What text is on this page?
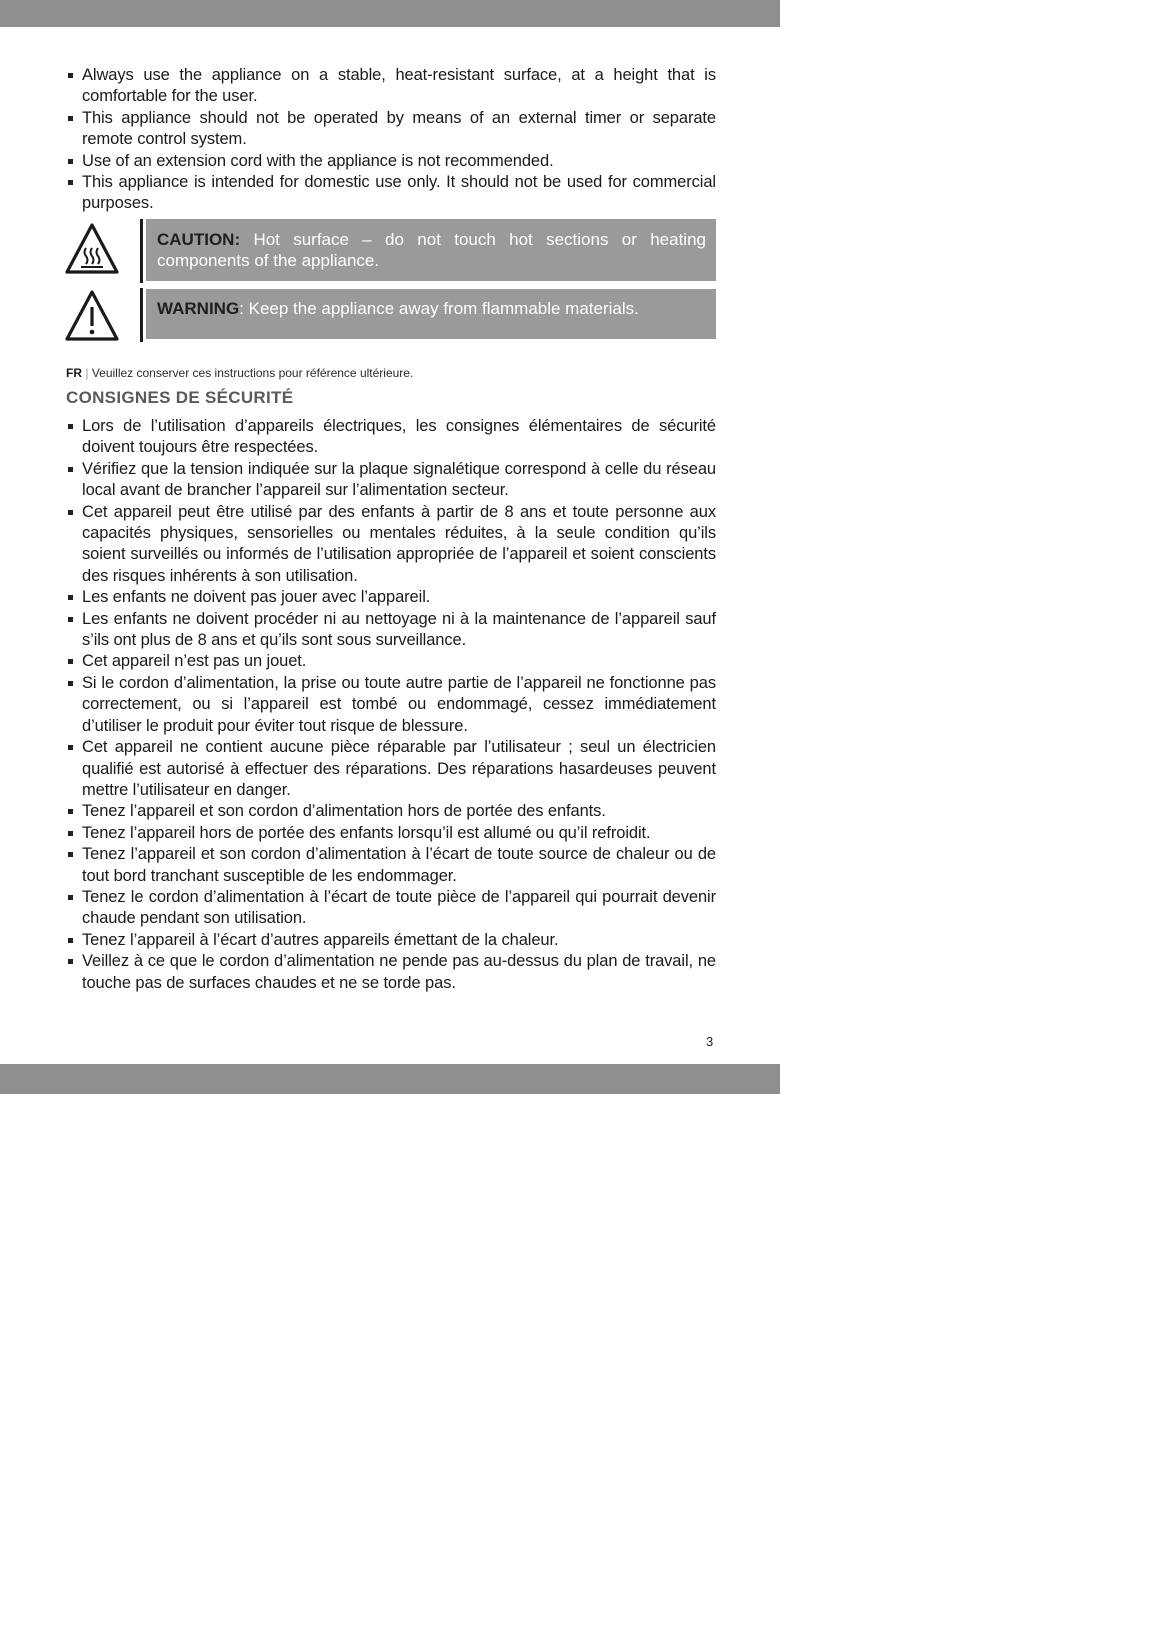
Always use the appliance on a stable, heat-resistant surface, at a height that is comfortable for the user.
This appliance should not be operated by means of an external timer or separate remote control system.
Use of an extension cord with the appliance is not recommended.
This appliance is intended for domestic use only. It should not be used for commercial purposes.
CAUTION: Hot surface – do not touch hot sections or heating components of the appliance.
WARNING: Keep the appliance away from flammable materials.
FR | Veuillez conserver ces instructions pour référence ultérieure.
CONSIGNES DE SÉCURITÉ
Lors de l’utilisation d’appareils électriques, les consignes élémentaires de sécurité doivent toujours être respectées.
Vérifiez que la tension indiquée sur la plaque signalétique correspond à celle du réseau local avant de brancher l’appareil sur l’alimentation secteur.
Cet appareil peut être utilisé par des enfants à partir de 8 ans et toute personne aux capacités physiques, sensorielles ou mentales réduites, à la seule condition qu’ils soient surveillés ou informés de l’utilisation appropriée de l’appareil et soient conscients des risques inhérents à son utilisation.
Les enfants ne doivent pas jouer avec l’appareil.
Les enfants ne doivent procéder ni au nettoyage ni à la maintenance de l’appareil sauf s’ils ont plus de 8 ans et qu’ils sont sous surveillance.
Cet appareil n’est pas un jouet.
Si le cordon d’alimentation, la prise ou toute autre partie de l’appareil ne fonctionne pas correctement, ou si l’appareil est tombé ou endommagé, cessez immédiatement d’utiliser le produit pour éviter tout risque de blessure.
Cet appareil ne contient aucune pièce réparable par l’utilisateur ; seul un électricien qualifié est autorisé à effectuer des réparations. Des réparations hasardeuses peuvent mettre l’utilisateur en danger.
Tenez l’appareil et son cordon d’alimentation hors de portée des enfants.
Tenez l’appareil hors de portée des enfants lorsqu’il est allumé ou qu’il refroidit.
Tenez l’appareil et son cordon d’alimentation à l’écart de toute source de chaleur ou de tout bord tranchant susceptible de les endommager.
Tenez le cordon d’alimentation à l’écart de toute pièce de l’appareil qui pourrait devenir chaude pendant son utilisation.
Tenez l’appareil à l’écart d’autres appareils émettant de la chaleur.
Veillez à ce que le cordon d’alimentation ne pende pas au-dessus du plan de travail, ne touche pas de surfaces chaudes et ne se torde pas.
3
